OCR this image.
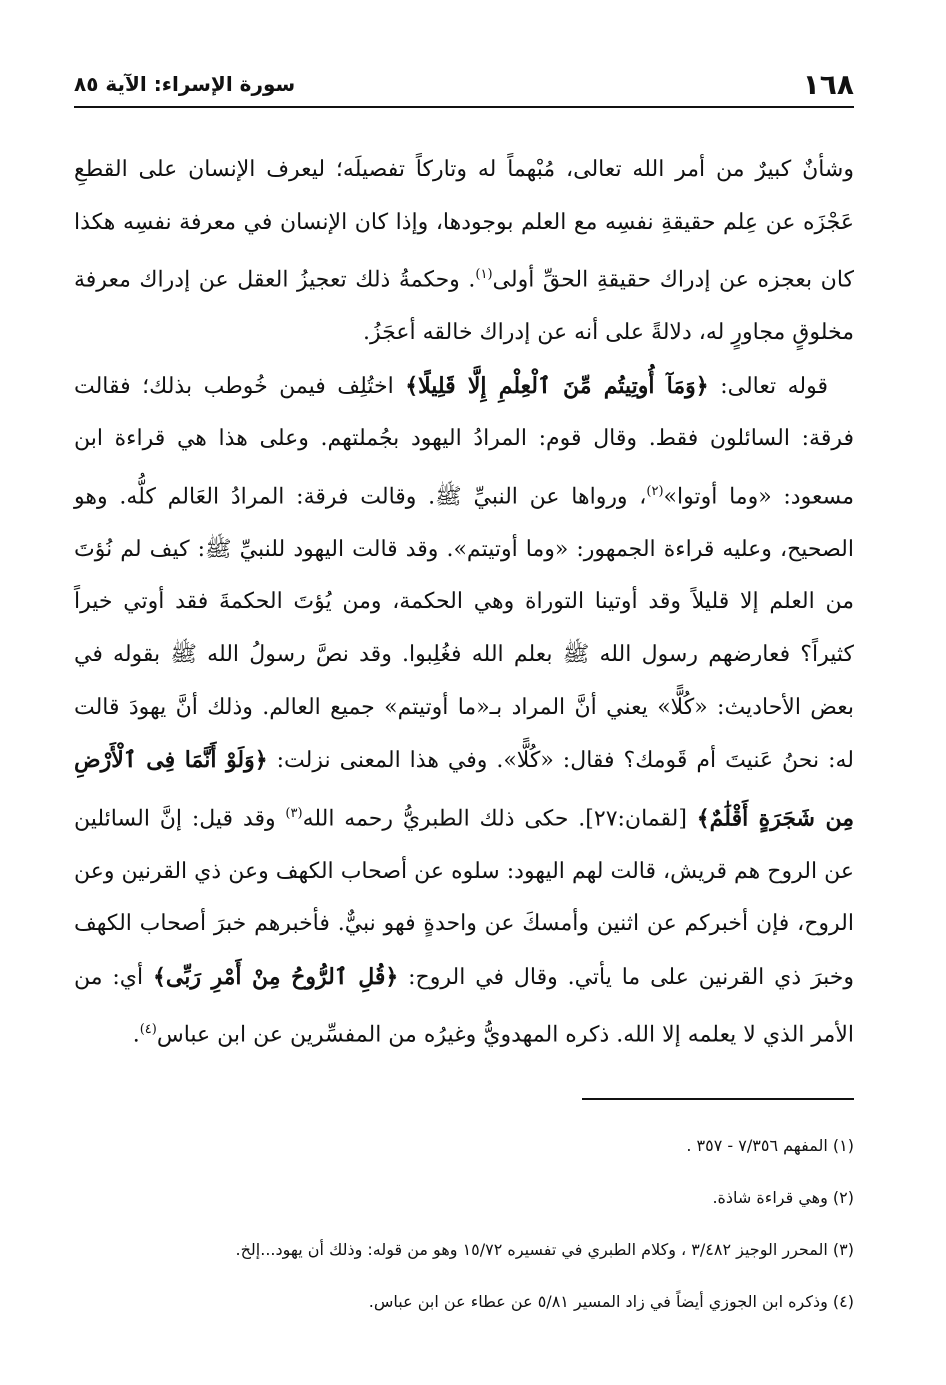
١٦٨
سورة الإسراء: الآية ٨٥

وشأنٌ كبيرٌ من أمر الله تعالى، مُبْهماً له وتاركاً تفصيلَه؛ ليعرف الإنسان على القطعِ عَجْزَه عن عِلم حقيقةِ نفسِه مع العلم بوجودها، وإذا كان الإنسان في معرفة نفسِه هكذا كان بعجزه عن إدراك حقيقةِ الحقِّ أولى$^{(١)}$. وحكمةُ ذلك تعجيزُ العقل عن إدراك معرفة مخلوقٍ مجاورٍ له، دلالةً على أنه عن إدراك خالقه أعجَزُ.

قوله تعالى: ﴿وَمَآ أُوتِيتُم مِّنَ ٱلْعِلْمِ إِلَّا قَلِيلًا﴾ اختُلِف فيمن خُوطب بذلك؛ فقالت فرقة: السائلون فقط. وقال قوم: المرادُ اليهود بجُملتهم. وعلى هذا هي قراءة ابن مسعود: «وما أوتوا»$^{(٢)}$، ورواها عن النبيِّ ﷺ. وقالت فرقة: المرادُ العَالم كلُّه. وهو الصحيح، وعليه قراءة الجمهور: «وما أوتيتم». وقد قالت اليهود للنبيِّ ﷺ: كيف لم نُؤتَ من العلم إلا قليلاً وقد أوتينا التوراة وهي الحكمة، ومن يُؤتَ الحكمةَ فقد أوتي خيراً كثيراً؟ فعارضهم رسول الله ﷺ بعلم الله فغُلِبوا. وقد نصَّ رسولُ الله ﷺ بقوله في بعض الأحاديث: «كُلًّا» يعني أنَّ المراد بـ«ما أوتيتم» جميع العالم. وذلك أنَّ يهودَ قالت له: نحنُ عَنيتَ أم قَومك؟ فقال: «كُلًّا». وفي هذا المعنى نزلت: ﴿وَلَوْ أَنَّمَا فِى ٱلْأَرْضِ مِن شَجَرَةٍ أَقْلَٰمٌ﴾ [لقمان:٢٧]. حكى ذلك الطبريُّ رحمه الله$^{(٣)}$ وقد قيل: إنَّ السائلين عن الروح هم قريش، قالت لهم اليهود: سلوه عن أصحاب الكهف وعن ذي القرنين وعن الروح، فإن أخبركم عن اثنين وأمسكَ عن واحدةٍ فهو نبيٌّ. فأخبرهم خبرَ أصحاب الكهف وخبرَ ذي القرنين على ما يأتي. وقال في الروح: ﴿قُلِ ٱلرُّوحُ مِنْ أَمْرِ رَبِّى﴾ أي: من الأمر الذي لا يعلمه إلا الله. ذكره المهدويُّ وغيرُه من المفسِّرين عن ابن عباس$^{(٤)}$.

(١) المفهم ٧/٣٥٦ - ٣٥٧ .
(٢) وهي قراءة شاذة.
(٣) المحرر الوجيز ٣/٤٨٢ ، وكلام الطبري في تفسيره ١٥/٧٢ وهو من قوله: وذلك أن يهود...إلخ.
(٤) وذكره ابن الجوزي أيضاً في زاد المسير ٥/٨١ عن عطاء عن ابن عباس.
